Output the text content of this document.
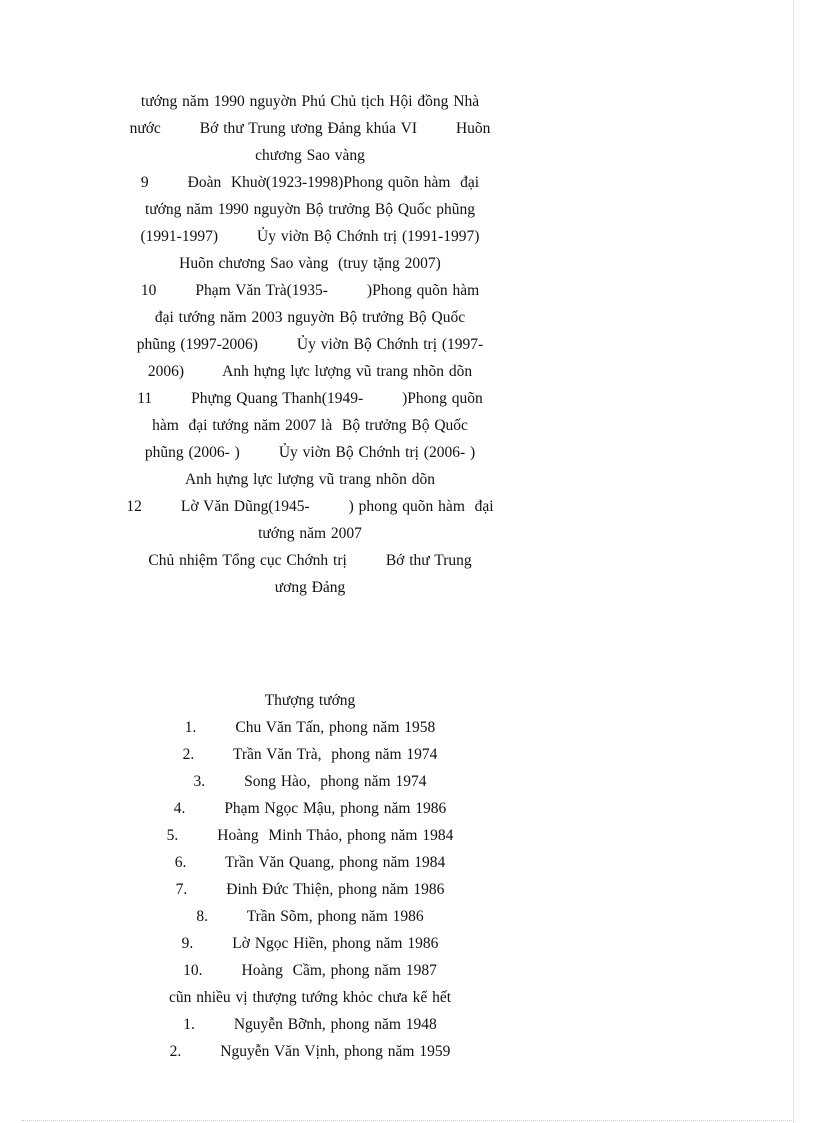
tướng năm 1990 nguyờn Phú Chủ tịch Hội đồng Nhà
nước        Bớ thư Trung ương Đảng khúa VI        Huõn
chương Sao vàng
9        Đoàn  Khuờ(1923-1998)Phong quõn hàm  đại
tướng năm 1990 nguyờn Bộ trưởng Bộ Quốc phũng
(1991-1997)        Ủy viờn Bộ Chớnh trị (1991-1997)
Huõn chương Sao vàng  (truy tặng 2007)
10        Phạm Văn Trà(1935-        )Phong quõn hàm
đại tướng năm 2003 nguyờn Bộ trưởng Bộ Quốc
phũng (1997-2006)        Ủy viờn Bộ Chớnh trị (1997-
2006)        Anh hựng lực lượng vũ trang nhõn dõn
11        Phựng Quang Thanh(1949-        )Phong quõn
hàm  đại tướng năm 2007 là  Bộ trưởng Bộ Quốc
phũng (2006- )        Ủy viờn Bộ Chớnh trị (2006- )
Anh hựng lực lượng vũ trang nhõn dõn
12        Lờ Văn Dũng(1945-        ) phong quõn hàm  đại
tướng năm 2007
Chủ nhiệm Tổng cục Chớnh trị        Bớ thư Trung
ương Đảng
Thượng tướng
1.        Chu Văn Tấn, phong năm 1958
2.        Trần Văn Trà,  phong năm 1974
3.        Song Hào,  phong năm 1974
4.        Phạm Ngọc Mậu, phong năm 1986
5.        Hoàng  Minh Thảo, phong năm 1984
6.        Trần Văn Quang, phong năm 1984
7.        Đinh Đức Thiện, phong năm 1986
8.        Trần Sõm, phong năm 1986
9.        Lờ Ngọc Hiền, phong năm 1986
10.        Hoàng  Cầm, phong năm 1987
cũn nhiều vị thượng tướng khỏc chưa kể hết
1.        Nguyễn Bỡnh, phong năm 1948
2.        Nguyễn Văn Vịnh, phong năm 1959
